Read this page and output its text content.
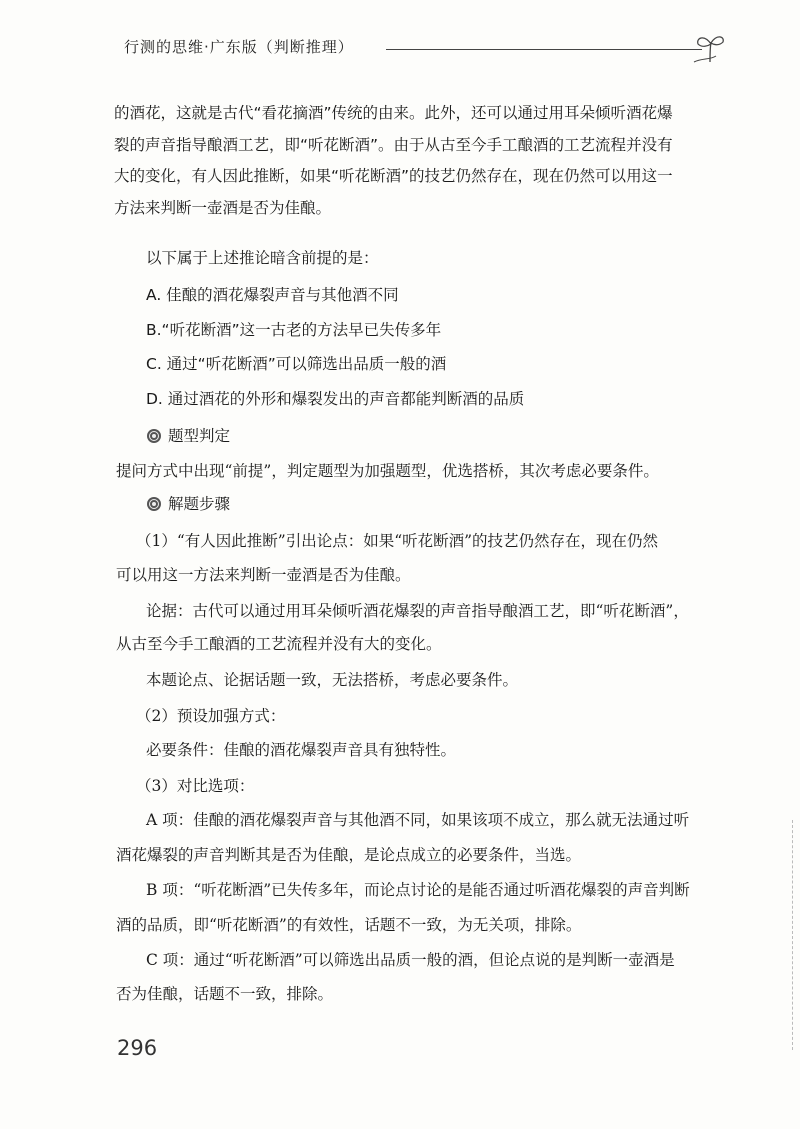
行测的思维·广东版（判断推理）

的酒花，这就是古代“看花摘酒”传统的由来。此外，还可以通过用耳朵倾听酒花爆

裂的声音指导酿酒工艺，即“听花断酒”。由于从古至今手工酿酒的工艺流程并没有

大的变化，有人因此推断，如果“听花断酒”的技艺仍然存在，现在仍然可以用这一

方法来判断一壶酒是否为佳酿。

以下属于上述推论暗含前提的是：
A. 佳酿的酒花爆裂声音与其他酒不同
B.“听花断酒”这一古老的方法早已失传多年
C. 通过“听花断酒”可以筛选出品质一般的酒
D. 通过酒花的外形和爆裂发出的声音都能判断酒的品质
题型判定
提问方式中出现“前提”，判定题型为加强题型，优选搭桥，其次考虑必要条件。
解题步骤
（1）“有人因此推断”引出论点：如果“听花断酒”的技艺仍然存在，现在仍然
可以用这一方法来判断一壶酒是否为佳酿。
论据：古代可以通过用耳朵倾听酒花爆裂的声音指导酿酒工艺，即“听花断酒”，
从古至今手工酿酒的工艺流程并没有大的变化。
本题论点、论据话题一致，无法搭桥，考虑必要条件。
（2）预设加强方式：
必要条件：佳酿的酒花爆裂声音具有独特性。
（3）对比选项：
A 项：佳酿的酒花爆裂声音与其他酒不同，如果该项不成立，那么就无法通过听
酒花爆裂的声音判断其是否为佳酿，是论点成立的必要条件，当选。
B 项：“听花断酒”已失传多年，而论点讨论的是能否通过听酒花爆裂的声音判断
酒的品质，即“听花断酒”的有效性，话题不一致，为无关项，排除。
C 项：通过“听花断酒”可以筛选出品质一般的酒，但论点说的是判断一壶酒是
否为佳酿，话题不一致，排除。
296
